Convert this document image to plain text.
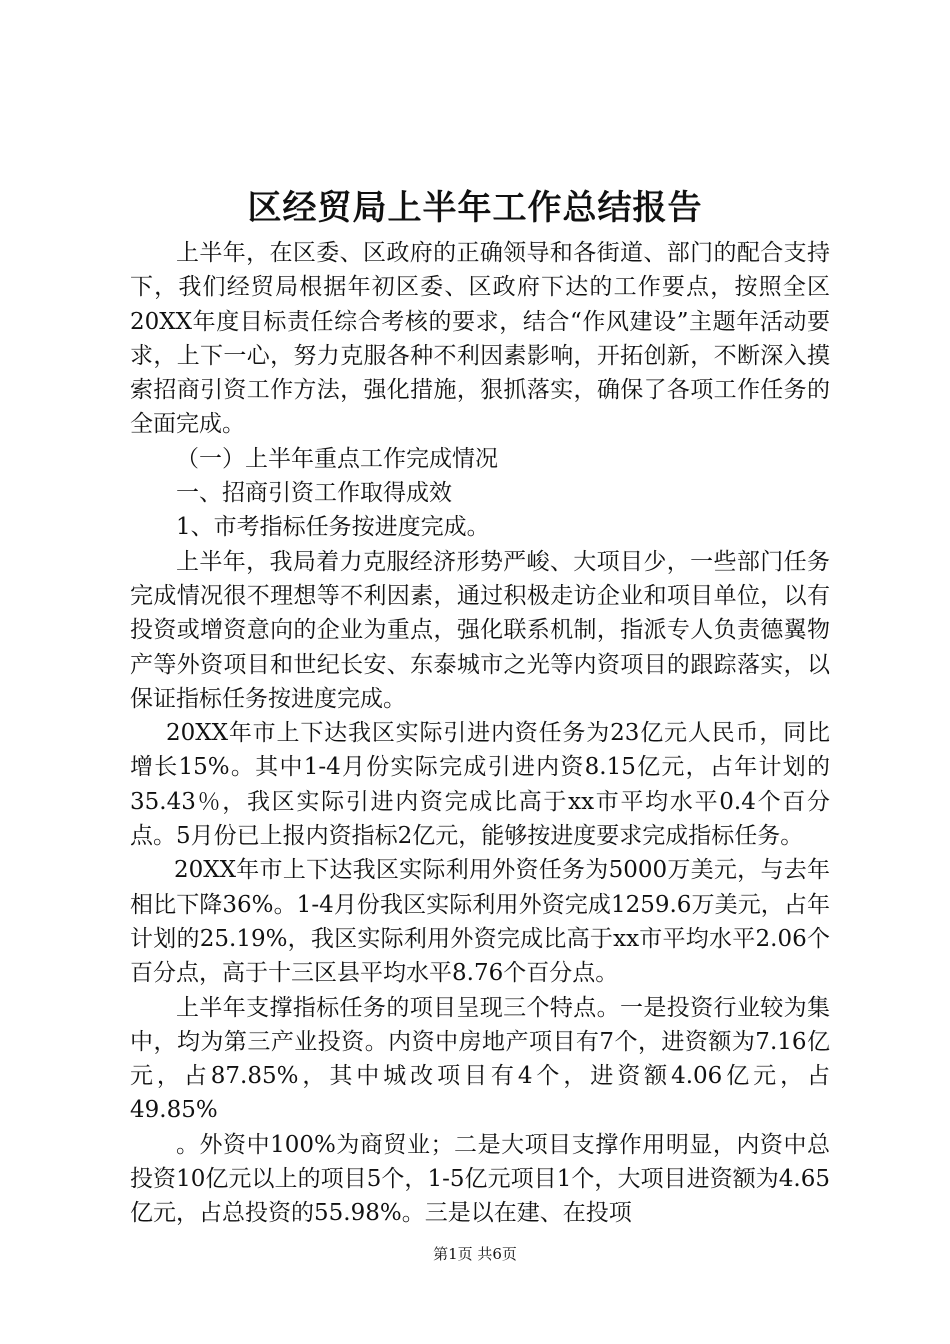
区经贸局上半年工作总结报告

上半年，在区委、区政府的正确领导和各街道、部门的配合支持下，我们经贸局根据年初区委、区政府下达的工作要点，按照全区20XX年度目标责任综合考核的要求，结合“作风建设”主题年活动要求，上下一心，努力克服各种不利因素影响，开拓创新，不断深入摸索招商引资工作方法，强化措施，狠抓落实，确保了各项工作任务的全面完成。

（一）上半年重点工作完成情况

一、招商引资工作取得成效

1、市考指标任务按进度完成。

上半年，我局着力克服经济形势严峻、大项目少，一些部门任务完成情况很不理想等不利因素，通过积极走访企业和项目单位，以有投资或增资意向的企业为重点，强化联系机制，指派专人负责德翼物产等外资项目和世纪长安、东泰城市之光等内资项目的跟踪落实，以保证指标任务按进度完成。

20XX年市上下达我区实际引进内资任务为23亿元人民币，同比增长15%。其中1-4月份实际完成引进内资8.15亿元，占年计划的35.43％，我区实际引进内资完成比高于xx市平均水平0.4个百分点。5月份已上报内资指标2亿元，能够按进度要求完成指标任务。

20XX年市上下达我区实际利用外资任务为5000万美元，与去年相比下降36%。1-4月份我区实际利用外资完成1259.6万美元，占年计划的25.19%，我区实际利用外资完成比高于xx市平均水平2.06个百分点，高于十三区县平均水平8.76个百分点。

上半年支撑指标任务的项目呈现三个特点。一是投资行业较为集中，均为第三产业投资。内资中房地产项目有7个，进资额为7.16亿元，占87.85%，其中城改项目有4个，进资额4.06亿元，占49.85%

。外资中100%为商贸业；二是大项目支撑作用明显，内资中总投资10亿元以上的项目5个，1-5亿元项目1个，大项目进资额为4.65亿元，占总投资的55.98%。三是以在建、在投项

第1页 共6页
